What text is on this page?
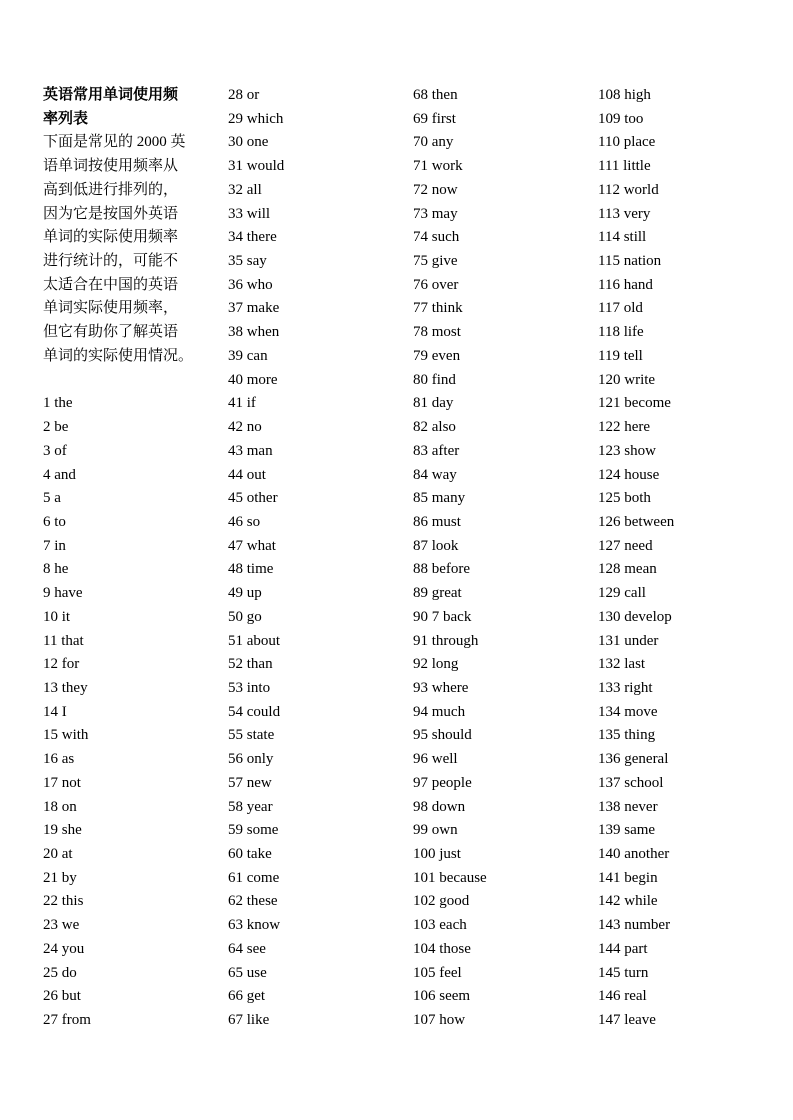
英语常用单词使用频
率列表
下面是常见的 2000 英
语单词按使用频率从
高到低进行排列的，
因为它是按国外英语
单词的实际使用频率
进行统计的，可能不
太适合在中国的英语
单词实际使用频率，
但它有助你了解英语
单词的实际使用情况。
1 the
2 be
3 of
4 and
5 a
6 to
7 in
8 he
9 have
10 it
11 that
12 for
13 they
14 I
15 with
16 as
17 not
18 on
19 she
20 at
21 by
22 this
23 we
24 you
25 do
26 but
27 from
28 or
29 which
30 one
31 would
32 all
33 will
34 there
35 say
36 who
37 make
38 when
39 can
40 more
41 if
42 no
43 man
44 out
45 other
46 so
47 what
48 time
49 up
50 go
51 about
52 than
53 into
54 could
55 state
56 only
57 new
58 year
59 some
60 take
61 come
62 these
63 know
64 see
65 use
66 get
67 like
68 then
69 first
70 any
71 work
72 now
73 may
74 such
75 give
76 over
77 think
78 most
79 even
80 find
81 day
82 also
83 after
84 way
85 many
86 must
87 look
88 before
89 great
90 7 back
91 through
92 long
93 where
94 much
95 should
96 well
97 people
98 down
99 own
100 just
101 because
102 good
103 each
104 those
105 feel
106 seem
107 how
108 high
109 too
110 place
111 little
112 world
113 very
114 still
115 nation
116 hand
117 old
118 life
119 tell
120 write
121 become
122 here
123 show
124 house
125 both
126 between
127 need
128 mean
129 call
130 develop
131 under
132 last
133 right
134 move
135 thing
136 general
137 school
138 never
139 same
140 another
141 begin
142 while
143 number
144 part
145 turn
146 real
147 leave
